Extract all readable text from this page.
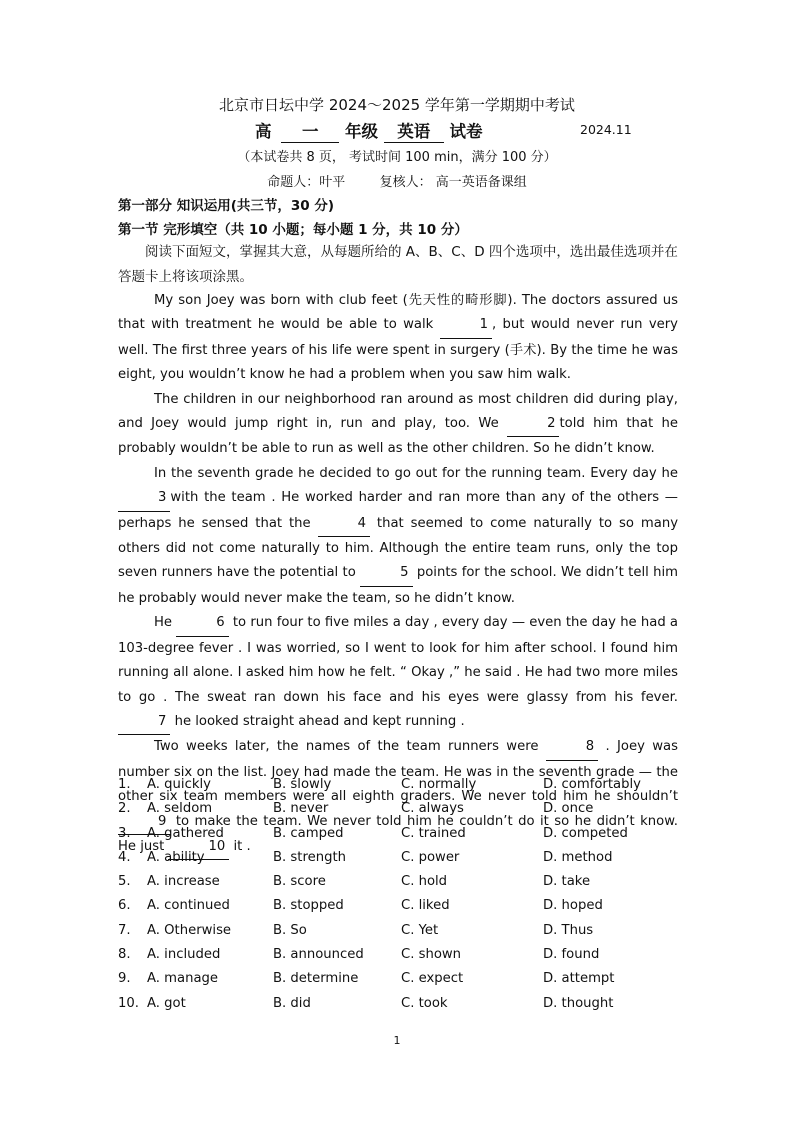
北京市日坛中学 2024～2025 学年第一学期期中考试
高 一 年级 英语 试卷	2024.11
（本试卷共 8 页， 考试时间 100 min，满分 100 分）
命题人：叶平	复核人： 高一英语备课组
第一部分 知识运用(共三节，30 分)
第一节 完形填空（共 10 小题；每小题 1 分，共 10 分）
阅读下面短文，掌握其大意，从每题所给的 A、B、C、D 四个选项中，选出最佳选项并在答题卡上将该项涂黑。

My son Joey was born with club feet (先天性的畸形脚). The doctors assured us that with treatment he would be able to walk	1 , but would never run very well. The first three years of his life were spent in surgery (手术). By the time he was eight, you wouldn’t know he had a problem when you saw him walk.

The children in our neighborhood ran around as most children did during play, and Joey would jump right in, run and play, too. We	2 told him that he probably wouldn’t be able to run as well as the other children. So he didn’t know.

In the seventh grade he decided to go out for the running team. Every day he 3 with the team . He worked harder and ran more than any of the others — perhaps he sensed that the	4 that seemed to come naturally to so many others did not come naturally to him. Although the entire team runs, only the top seven runners have the potential to	5 points for the school. We didn’t tell him he probably would never make the team, so he didn’t know.

He	6 to run four to five miles a day , every day — even the day he had a 103-degree fever . I was worried, so I went to look for him after school. I found him running all alone. I asked him how he felt. “ Okay ,” he said . He had two more miles to go . The sweat ran down his face and his eyes were glassy from his fever. 7 he looked straight ahead and kept running .

Two weeks later, the names of the team runners were	8 . Joey was number six on the list. Joey had made the team. He was in the seventh grade — the other six team members were all eighth graders. We never told him he shouldn’t 9 to make the team. We never told him he couldn’t do it so he didn’t know. He just	10 it .

1. A. quickly	B. slowly	C. normally	D. comfortably
2. A. seldom	B. never	C. always	D. once
3. A. gathered	B. camped	C. trained	D. competed
4. A. ability	B. strength	C. power	D. method
5. A. increase	B. score	C. hold	D. take
6. A. continued	B. stopped	C. liked	D. hoped
7. A. Otherwise	B. So	C. Yet	D. Thus
8. A. included	B. announced	C. shown	D. found
9. A. manage	B. determine	C. expect	D. attempt
10. A. got	B. did	C. took	D. thought
1
